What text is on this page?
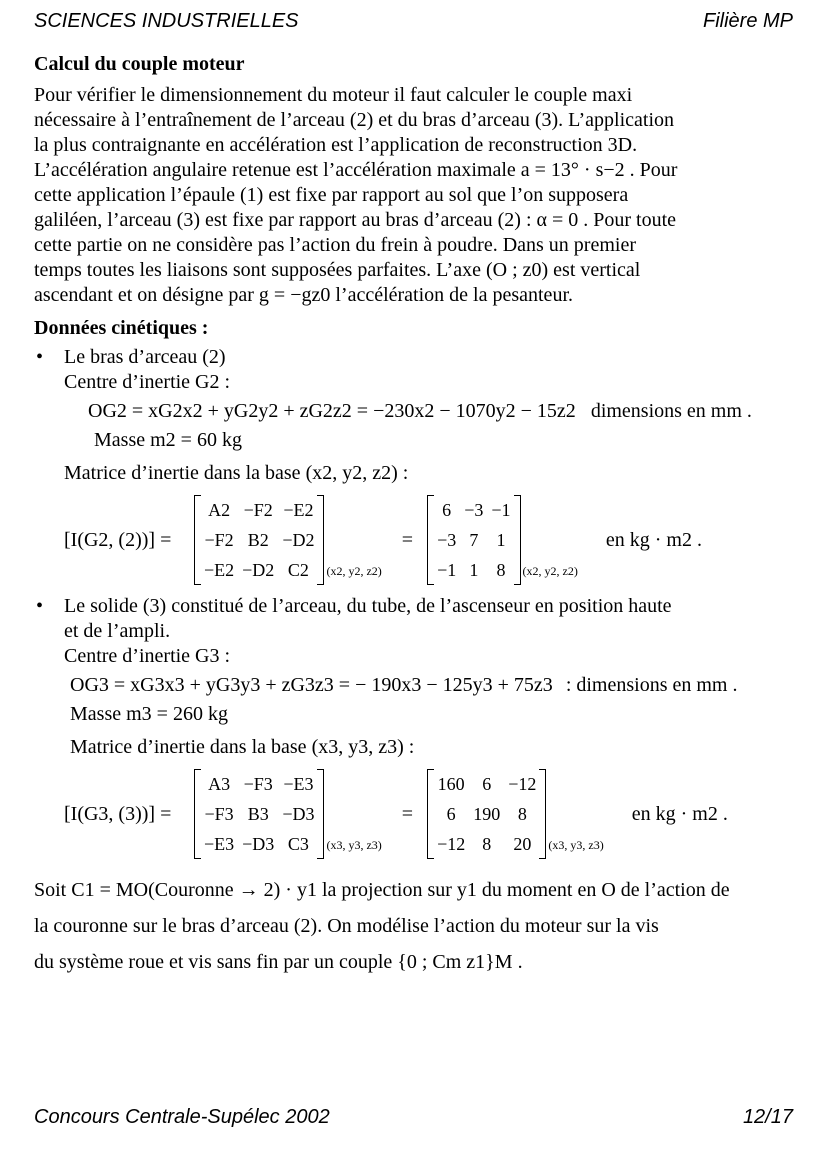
SCIENCES INDUSTRIELLES	Filière MP
Calcul du couple moteur
Pour vérifier le dimensionnement du moteur il faut calculer le couple maxi
nécessaire à l’entraînement de l’arceau (2) et du bras d’arceau (3). L’application
la plus contraignante en accélération est l’application de reconstruction 3D.
L’accélération angulaire retenue est l’accélération maximale a = 13° · s−2 . Pour
cette application l’épaule (1) est fixe par rapport au sol que l’on supposera
galiléen, l’arceau (3) est fixe par rapport au bras d’arceau (2) : α = 0 . Pour toute
cette partie on ne considère pas l’action du frein à poudre. Dans un premier
temps toutes les liaisons sont supposées parfaites. L’axe (O ; z0) est vertical
ascendant et on désigne par g = −gz0 l’accélération de la pesanteur.
Données cinétiques :
• Le bras d’arceau (2)
Centre d’inertie G2 :
OG2 = xG2x2 + yG2y2 + zG2z2 = −230x2 − 1070y2 − 15z2 dimensions en mm .
Masse m2 = 60 kg
Matrice d’inertie dans la base (x2, y2, z2) :
[I(G2, (2))] =
A2	−F2	−E2
−F2	B2	−D2
−E2	−D2	C2 (x2, y2, z2)
=
6	−3	−1
−3	7	1
−1	1	8 (x2, y2, z2)
en kg · m2 .
• Le solide (3) constitué de l’arceau, du tube, de l’ascenseur en position haute
et de l’ampli.
Centre d’inertie G3 :
OG3 = xG3x3 + yG3y3 + zG3z3 = − 190x3 − 125y3 + 75z3 : dimensions en mm .
Masse m3 = 260 kg
Matrice d’inertie dans la base (x3, y3, z3) :
[I(G3, (3))] =
A3	−F3	−E3
−F3	B3	−D3
−E3	−D3	C3 (x3, y3, z3)
=
160	6	−12
6	190	8
−12	8	20 (x3, y3, z3)
en kg · m2 .
Soit C1 = MO(Couronne → 2) · y1 la projection sur y1 du moment en O de l’action de
la couronne sur le bras d’arceau (2). On modélise l’action du moteur sur la vis
du système roue et vis sans fin par un couple {0 ; Cm z1}M .
Concours Centrale-Supélec 2002	12/17
